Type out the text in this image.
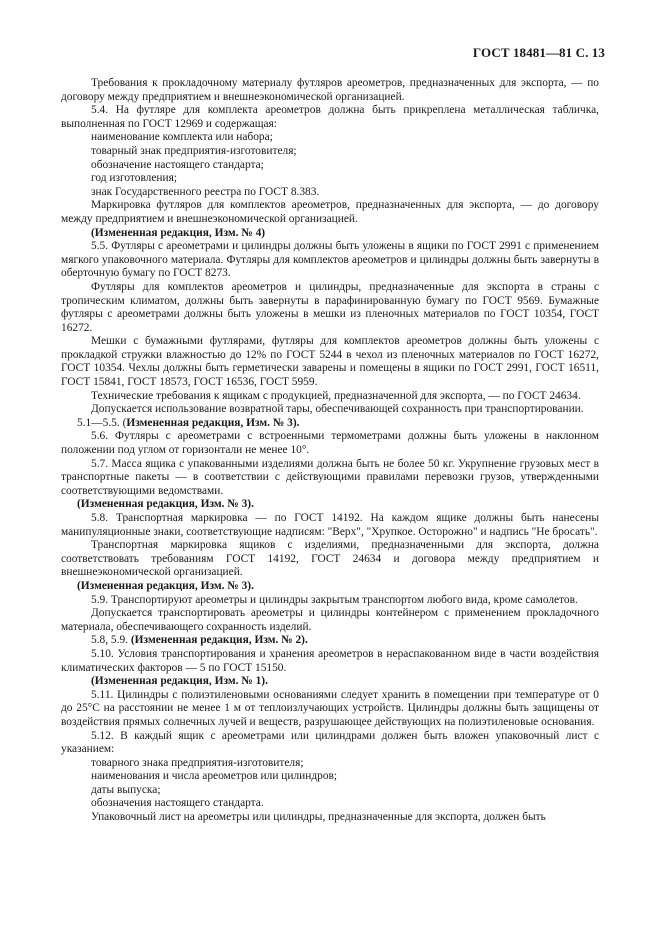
ГОСТ 18481—81 С. 13

Требования к прокладочному материалу футляров ареометров, предназначенных для экспорта, — по договору между предприятием и внешнеэкономической организацией.

5.4. На футляре для комплекта ареометров должна быть прикреплена металлическая табличка, выполненная по ГОСТ 12969 и содержащая:

наименование комплекта или набора;

товарный знак предприятия-изготовителя;

обозначение настоящего стандарта;

год изготовления;

знак Государственного реестра по ГОСТ 8.383.

Маркировка футляров для комплектов ареометров, предназначенных для экспорта, — до договору между предприятием и внешнеэкономической организацией.

(Измененная редакция, Изм. № 4)

5.5. Футляры с ареометрами и цилиндры должны быть уложены в ящики по ГОСТ 2991 с применением мягкого упаковочного материала. Футляры для комплектов ареометров и цилиндры должны быть завернуты в оберточную бумагу по ГОСТ 8273.

Футляры для комплектов ареометров и цилиндры, предназначенные для экспорта в страны с тропическим климатом, должны быть завернуты в парафинированную бумагу по ГОСТ 9569. Бумажные футляры с ареометрами должны быть уложены в мешки из пленочных материалов по ГОСТ 10354, ГОСТ 16272.

Мешки с бумажными футлярами, футляры для комплектов ареометров должны быть уложены с прокладкой стружки влажностью до 12% по ГОСТ 5244 в чехол из пленочных материалов по ГОСТ 16272, ГОСТ 10354. Чехлы должны быть герметически заварены и помещены в ящики по ГОСТ 2991, ГОСТ 16511, ГОСТ 15841, ГОСТ 18573, ГОСТ 16536, ГОСТ 5959.

Технические требования к ящикам с продукцией, предназначенной для экспорта, — по ГОСТ 24634.

Допускается использование возвратной тары, обеспечивающей сохранность при транспортировании.

5.1—5.5. (Измененная редакция, Изм. № 3).

5.6. Футляры с ареометрами с встроенными термометрами должны быть уложены в наклонном положении под углом от горизонтали не менее 10°.

5.7. Масса ящика с упакованными изделиями должна быть не более 50 кг. Укрупнение грузовых мест в транспортные пакеты — в соответствии с действующими правилами перевозки грузов, утвержденными соответствующими ведомствами.

(Измененная редакция, Изм. № 3).

5.8. Транспортная маркировка — по ГОСТ 14192. На каждом ящике должны быть нанесены манипуляционные знаки, соответствующие надписям: "Верх", "Хрупкое. Осторожно" и надпись "Не бросать".

Транспортная маркировка ящиков с изделиями, предназначенными для экспорта, должна соответствовать требованиям ГОСТ 14192, ГОСТ 24634 и договора между предприятием и внешнеэкономической организацией.

(Измененная редакция, Изм. № 3).

5.9. Транспортируют ареометры и цилиндры закрытым транспортом любого вида, кроме самолетов.

Допускается транспортировать ареометры и цилиндры контейнером с применением прокладочного материала, обеспечивающего сохранность изделий.

5.8, 5.9. (Измененная редакция, Изм. № 2).

5.10. Условия транспортирования и хранения ареометров в нераспакованном виде в части воздействия климатических факторов — 5 по ГОСТ 15150.

(Измененная редакция, Изм. № 1).

5.11. Цилиндры с полиэтиленовыми основаниями следует хранить в помещении при температуре от 0 до 25°С на расстоянии не менее 1 м от теплоизлучающих устройств. Цилиндры должны быть защищены от воздействия прямых солнечных лучей и веществ, разрушающее действующих на полиэтиленовые основания.

5.12. В каждый ящик с ареометрами или цилиндрами должен быть вложен упаковочный лист с указанием:

товарного знака предприятия-изготовителя;

наименования и числа ареометров или цилиндров;

даты выпуска;

обозначения настоящего стандарта.

Упаковочный лист на ареометры или цилиндры, предназначенные для экспорта, должен быть
